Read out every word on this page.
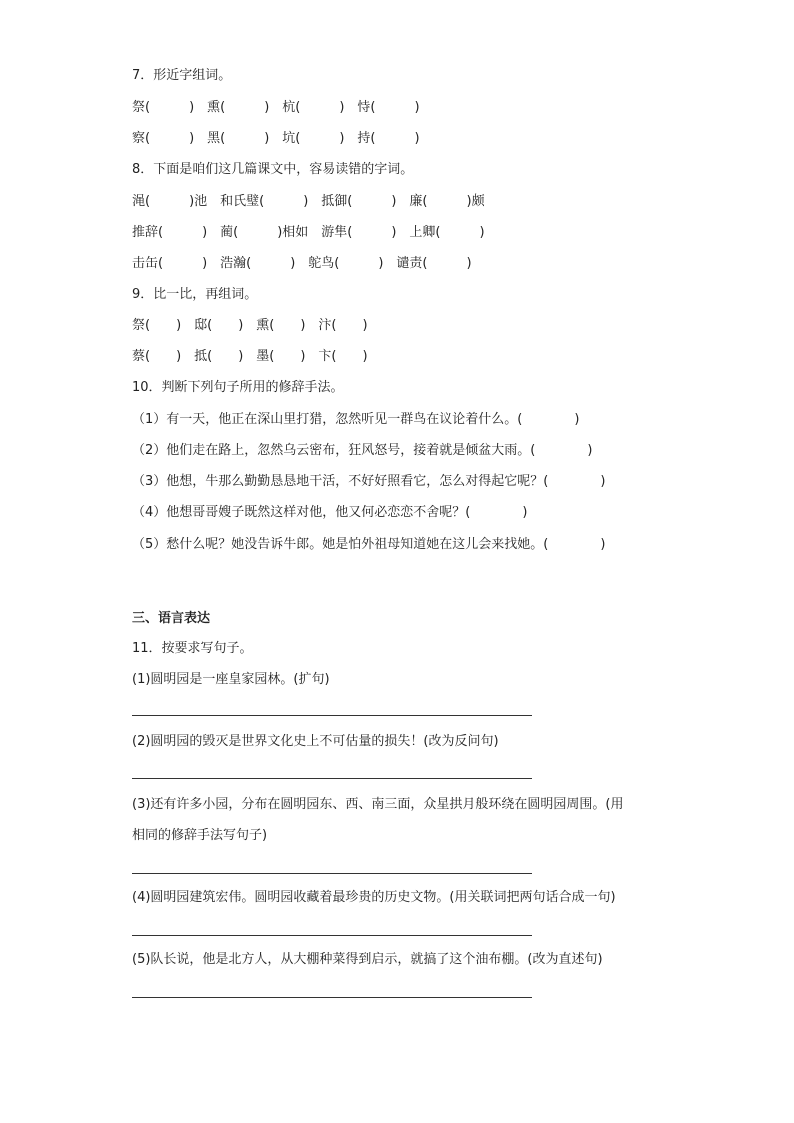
7．形近字组词。
祭(　　　)　熏(　　　)　杭(　　　)　恃(　　　)
察(　　　)　黑(　　　)　坑(　　　)　持(　　　)
8．下面是咱们这几篇课文中，容易读错的字词。
渑(　　　)池　和氏璧(　　　)　抵御(　　　)　廉(　　　)颇
推辞(　　　)　蔺(　　　)相如　游隼(　　　)　上卿(　　　)
击缶(　　　)　浩瀚(　　　)　鸵鸟(　　　)　谴责(　　　)
9．比一比，再组词。
祭(　　)　邸(　　)　熏(　　)　汴(　　)
蔡(　　)　抵(　　)　墨(　　)　卞(　　)
10．判断下列句子所用的修辞手法。
（1）有一天，他正在深山里打猎，忽然听见一群鸟在议论着什么。(　　　　)
（2）他们走在路上，忽然乌云密布，狂风怒号，接着就是倾盆大雨。(　　　　)
（3）他想，牛那么勤勤恳恳地干活，不好好照看它，怎么对得起它呢？(　　　　)
（4）他想哥哥嫂子既然这样对他，他又何必恋恋不舍呢？(　　　　)
（5）愁什么呢？她没告诉牛郎。她是怕外祖母知道她在这儿会来找她。(　　　　)
三、语言表达
11．按要求写句子。
(1)圆明园是一座皇家园林。(扩句)
(2)圆明园的毁灭是世界文化史上不可估量的损失！(改为反问句)
(3)还有许多小园，分布在圆明园东、西、南三面，众星拱月般环绕在圆明园周围。(用
相同的修辞手法写句子)
(4)圆明园建筑宏伟。圆明园收藏着最珍贵的历史文物。(用关联词把两句话合成一句)
(5)队长说，他是北方人，从大棚种菜得到启示，就搞了这个油布棚。(改为直述句)
